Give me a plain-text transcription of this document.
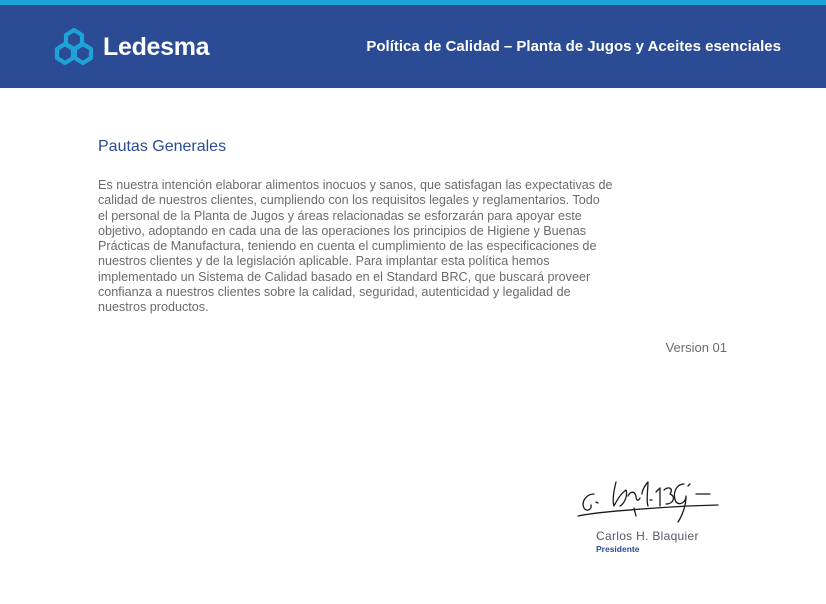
Ledesma	Política de Calidad – Planta de Jugos y Aceites esenciales
Pautas Generales

Es nuestra intención elaborar alimentos inocuos y sanos, que satisfagan las expectativas de
calidad de nuestros clientes, cumpliendo con los requisitos legales y reglamentarios. Todo
el personal de la Planta de Jugos y áreas relacionadas se esforzarán para apoyar este
objetivo, adoptando en cada una de las operaciones los principios de Higiene y Buenas
Prácticas de Manufactura, teniendo en cuenta el cumplimiento de las especificaciones de
nuestros clientes y de la legislación aplicable. Para implantar esta política hemos
implementado un Sistema de Calidad basado en el Standard BRC, que buscará proveer
confianza a nuestros clientes sobre la calidad, seguridad, autenticidad y legalidad de
nuestros productos.

Version 01
Carlos H. Blaquier
Presidente
